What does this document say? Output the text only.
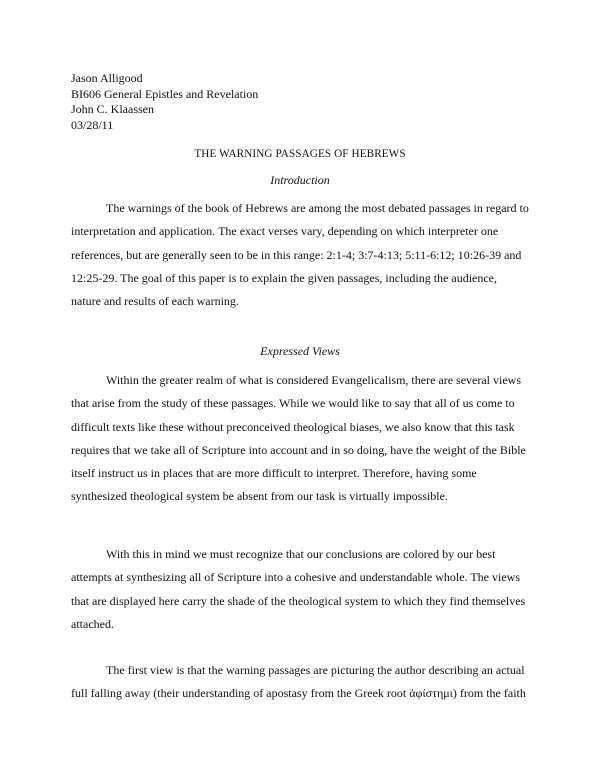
Jason Alligood
BI606 General Epistles and Revelation
John C. Klaassen
03/28/11
THE WARNING PASSAGES OF HEBREWS
Introduction

The warnings of the book of Hebrews are among the most debated passages in regard to interpretation and application. The exact verses vary, depending on which interpreter one references, but are generally seen to be in this range: 2:1-4; 3:7-4:13; 5:11-6:12; 10:26-39 and 12:25-29. The goal of this paper is to explain the given passages, including the audience, nature and results of each warning.

Expressed Views

Within the greater realm of what is considered Evangelicalism, there are several views that arise from the study of these passages. While we would like to say that all of us come to difficult texts like these without preconceived theological biases, we also know that this task requires that we take all of Scripture into account and in so doing, have the weight of the Bible itself instruct us in places that are more difficult to interpret. Therefore, having some synthesized theological system be absent from our task is virtually impossible.

With this in mind we must recognize that our conclusions are colored by our best attempts at synthesizing all of Scripture into a cohesive and understandable whole. The views that are displayed here carry the shade of the theological system to which they find themselves attached.

The first view is that the warning passages are picturing the author describing an actual full falling away (their understanding of apostasy from the Greek root ἀφίστημι) from the faith
